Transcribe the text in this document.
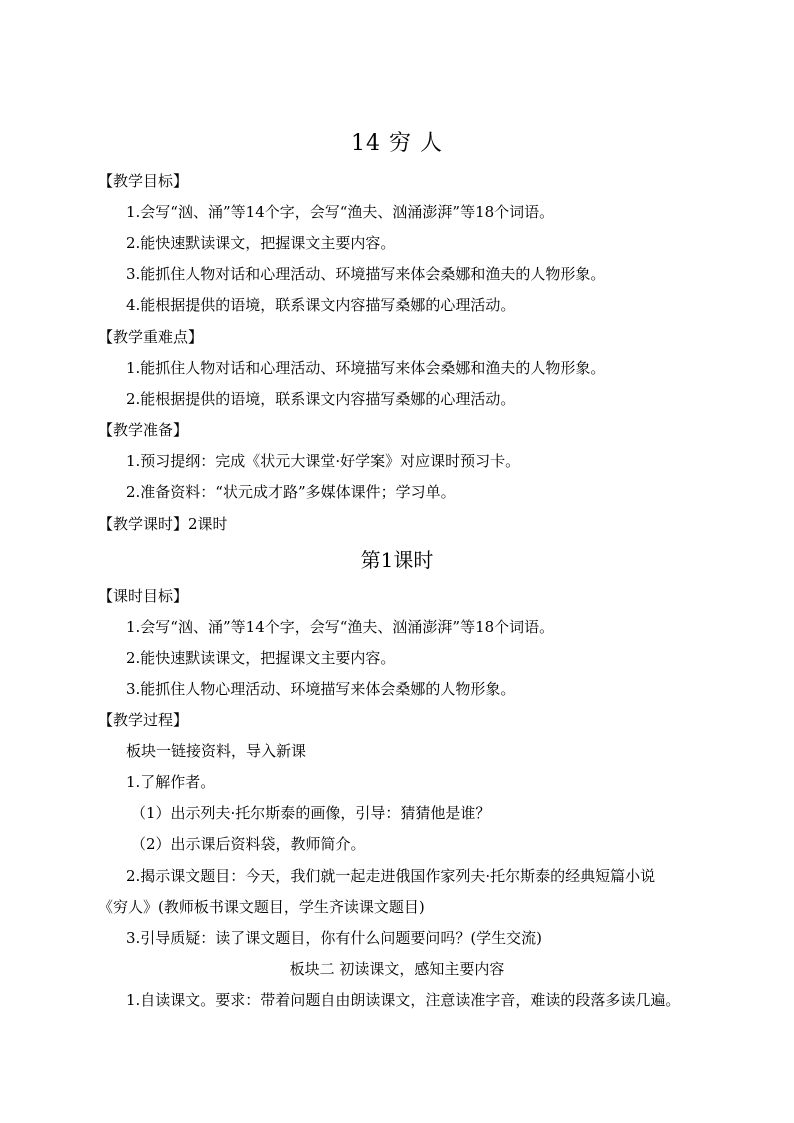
14 穷 人
【教学目标】
1.会写“汹、涌”等14个字，会写“渔夫、汹涌澎湃”等18个词语。
2.能快速默读课文，把握课文主要内容。
3.能抓住人物对话和心理活动、环境描写来体会桑娜和渔夫的人物形象。
4.能根据提供的语境，联系课文内容描写桑娜的心理活动。
【教学重难点】
1.能抓住人物对话和心理活动、环境描写来体会桑娜和渔夫的人物形象。
2.能根据提供的语境，联系课文内容描写桑娜的心理活动。
【教学准备】
1.预习提纲：完成《状元大课堂·好学案》对应课时预习卡。
2.准备资料：“状元成才路”多媒体课件；学习单。
【教学课时】2课时
第1课时
【课时目标】
1.会写“汹、涌”等14个字，会写“渔夫、汹涌澎湃”等18个词语。
2.能快速默读课文，把握课文主要内容。
3.能抓住人物心理活动、环境描写来体会桑娜的人物形象。
【教学过程】
板块一链接资料，导入新课
1.了解作者。
（1）出示列夫·托尔斯泰的画像，引导：猜猜他是谁？
（2）出示课后资料袋，教师简介。
2.揭示课文题目：今天，我们就一起走进俄国作家列夫·托尔斯泰的经典短篇小说
《穷人》(教师板书课文题目，学生齐读课文题目)
3.引导质疑：读了课文题目，你有什么问题要问吗？(学生交流)
板块二 初读课文，感知主要内容
1.自读课文。要求：带着问题自由朗读课文，注意读准字音，难读的段落多读几遍。
